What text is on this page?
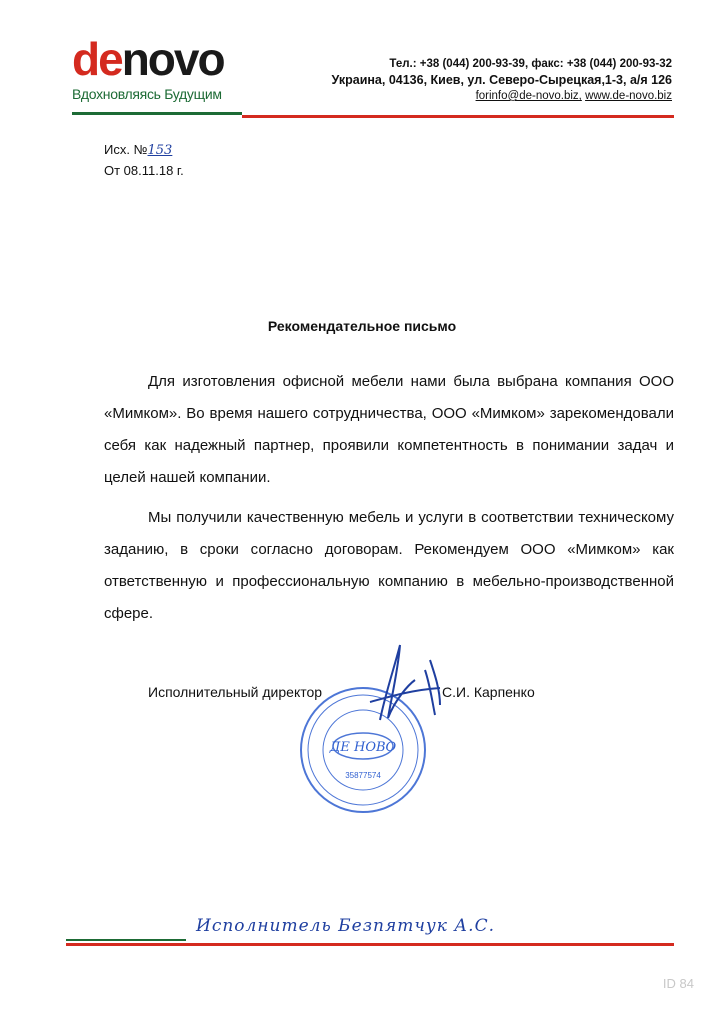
denovo
Вдохновляясь Будущим
Тел.: +38 (044) 200-93-39, факс: +38 (044) 200-93-32
Украина, 04136, Киев, ул. Северо-Сырецкая,1-3, а/я 126
forinfo@de-novo.biz, www.de-novo.biz
Исх. №153
От 08.11.18 г.
Рекомендательное письмо

Для изготовления офисной мебели нами была выбрана компания ООО «Мимком». Во время нашего сотрудничества, ООО «Мимком» зарекомендовали себя как надежный партнер, проявили компетентность в понимании задач и целей нашей компании.

Мы получили качественную мебель и услуги в соответствии техническому заданию, в сроки согласно договорам. Рекомендуем ООО «Мимком» как ответственную и профессиональную компанию в мебельно-производственной сфере.

ДЕ НОВО
35877574
Исполнительный директор	С.И. Карпенко
Исполнитель Безпятчук А.С.
ID 84
